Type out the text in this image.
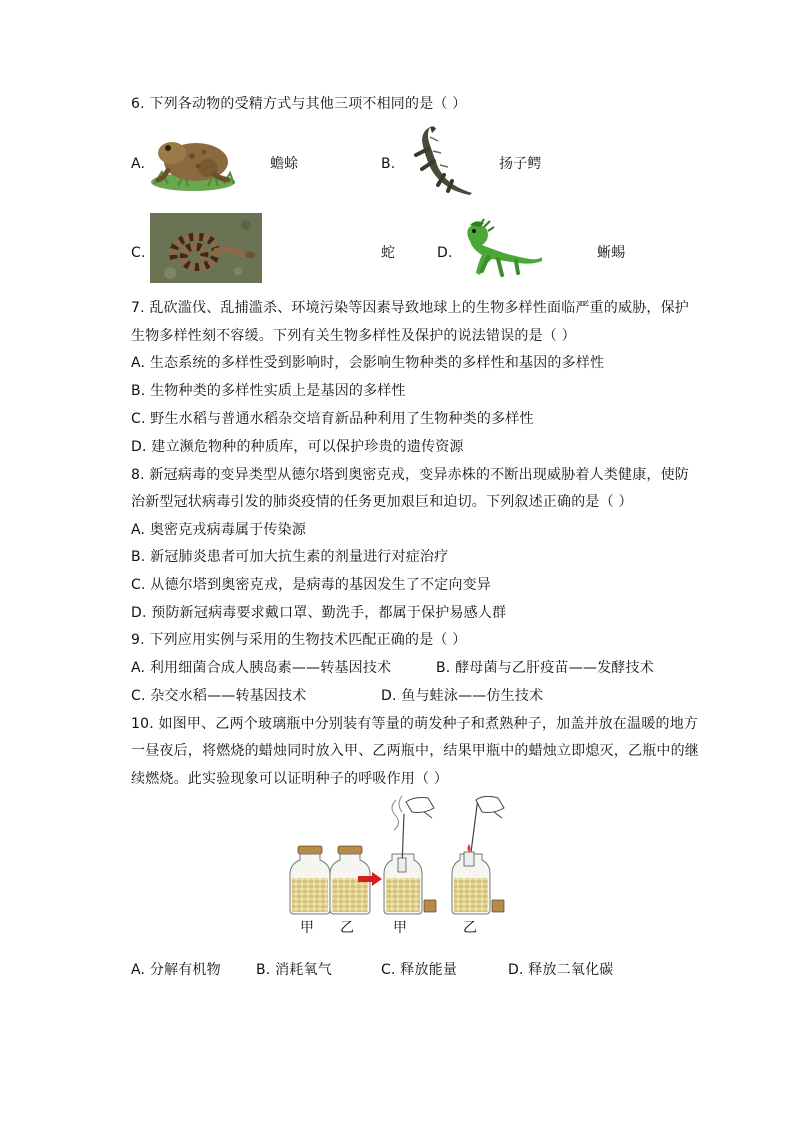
6. 下列各动物的受精方式与其他三项不相同的是（ ）
A.	蟾蜍	B.	扬子鳄
C.	蛇	D.	蜥蜴
7. 乱砍滥伐、乱捕滥杀、环境污染等因素导致地球上的生物多样性面临严重的威胁，保护
生物多样性刻不容缓。下列有关生物多样性及保护的说法错误的是（ ）
A. 生态系统的多样性受到影响时，会影响生物种类的多样性和基因的多样性
B. 生物种类的多样性实质上是基因的多样性
C. 野生水稻与普通水稻杂交培育新品种利用了生物种类的多样性
D. 建立濒危物种的种质库，可以保护珍贵的遗传资源
8. 新冠病毒的变异类型从德尔塔到奥密克戎，变异赤株的不断出现威胁着人类健康，使防
治新型冠状病毒引发的肺炎疫情的任务更加艰巨和迫切。下列叙述正确的是（ ）
A. 奥密克戎病毒属于传染源
B. 新冠肺炎患者可加大抗生素的剂量进行对症治疗
C. 从德尔塔到奥密克戎，是病毒的基因发生了不定向变异
D. 预防新冠病毒要求戴口罩、勤洗手，都属于保护易感人群
9. 下列应用实例与采用的生物技术匹配正确的是（ ）
A. 利用细菌合成人胰岛素——转基因技术	B. 酵母菌与乙肝疫苗——发酵技术
C. 杂交水稻——转基因技术	D. 鱼与蛙泳——仿生技术
10. 如图甲、乙两个玻璃瓶中分别装有等量的萌发种子和煮熟种子，加盖并放在温暖的地方
一昼夜后，将燃烧的蜡烛同时放入甲、乙两瓶中，结果甲瓶中的蜡烛立即熄灭，乙瓶中的继
续燃烧。此实验现象可以证明种子的呼吸作用（ ）
甲 乙	甲	乙
A. 分解有机物	B. 消耗氧气	C. 释放能量	D. 释放二氧化碳
